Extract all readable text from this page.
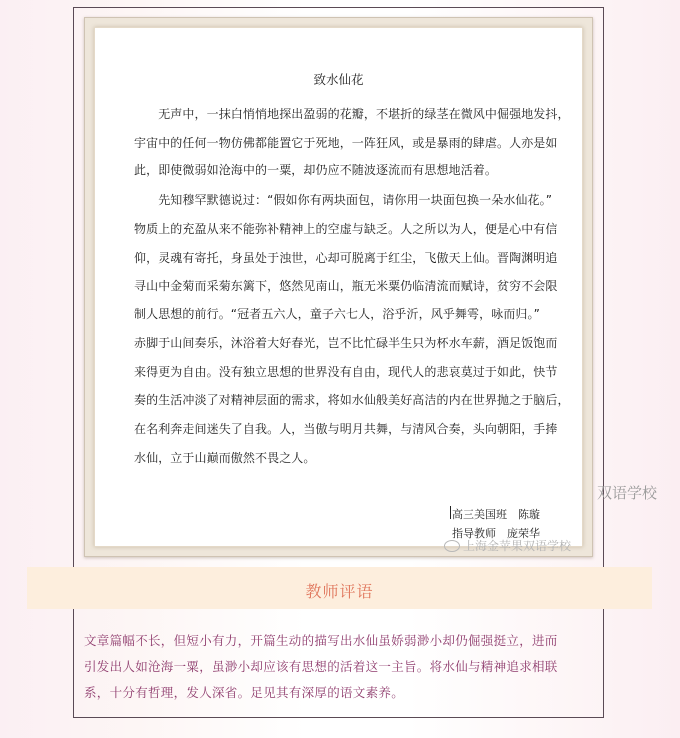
致水仙花
　　无声中，一抹白悄悄地探出盈弱的花瓣，不堪折的绿茎在微风中倔强地发抖，
宇宙中的任何一物仿佛都能置它于死地，一阵狂风，或是暴雨的肆虐。人亦是如
此，即使微弱如沧海中的一粟，却仍应不随波逐流而有思想地活着。
　　先知穆罕默德说过：“假如你有两块面包，请你用一块面包换一朵水仙花。”
物质上的充盈从来不能弥补精神上的空虚与缺乏。人之所以为人，便是心中有信
仰，灵魂有寄托，身虽处于浊世，心却可脱离于红尘，飞傲天上仙。晋陶渊明追
寻山中金菊而采菊东篱下，悠然见南山，瓶无米粟仍临清流而赋诗，贫穷不会限
制人思想的前行。“冠者五六人，童子六七人，浴乎沂，风乎舞雩，咏而归。”
赤脚于山间奏乐，沐浴着大好春光，岂不比忙碌半生只为杯水车薪，酒足饭饱而
来得更为自由。没有独立思想的世界没有自由，现代人的悲哀莫过于如此，快节
奏的生活冲淡了对精神层面的需求，将如水仙般美好高洁的内在世界抛之于脑后，
在名利奔走间迷失了自我。人，当傲与明月共舞，与清风合奏，头向朝阳，手捧
水仙，立于山巅而傲然不畏之人。
高三美国班　陈璇
指导教师　庞荣华
上海金苹果双语学校
双语学校
教师评语
文章篇幅不长，但短小有力，开篇生动的描写出水仙虽娇弱渺小却仍倔强挺立，进而
引发出人如沧海一粟，虽渺小却应该有思想的活着这一主旨。将水仙与精神追求相联
系，十分有哲理，发人深省。足见其有深厚的语文素养。
